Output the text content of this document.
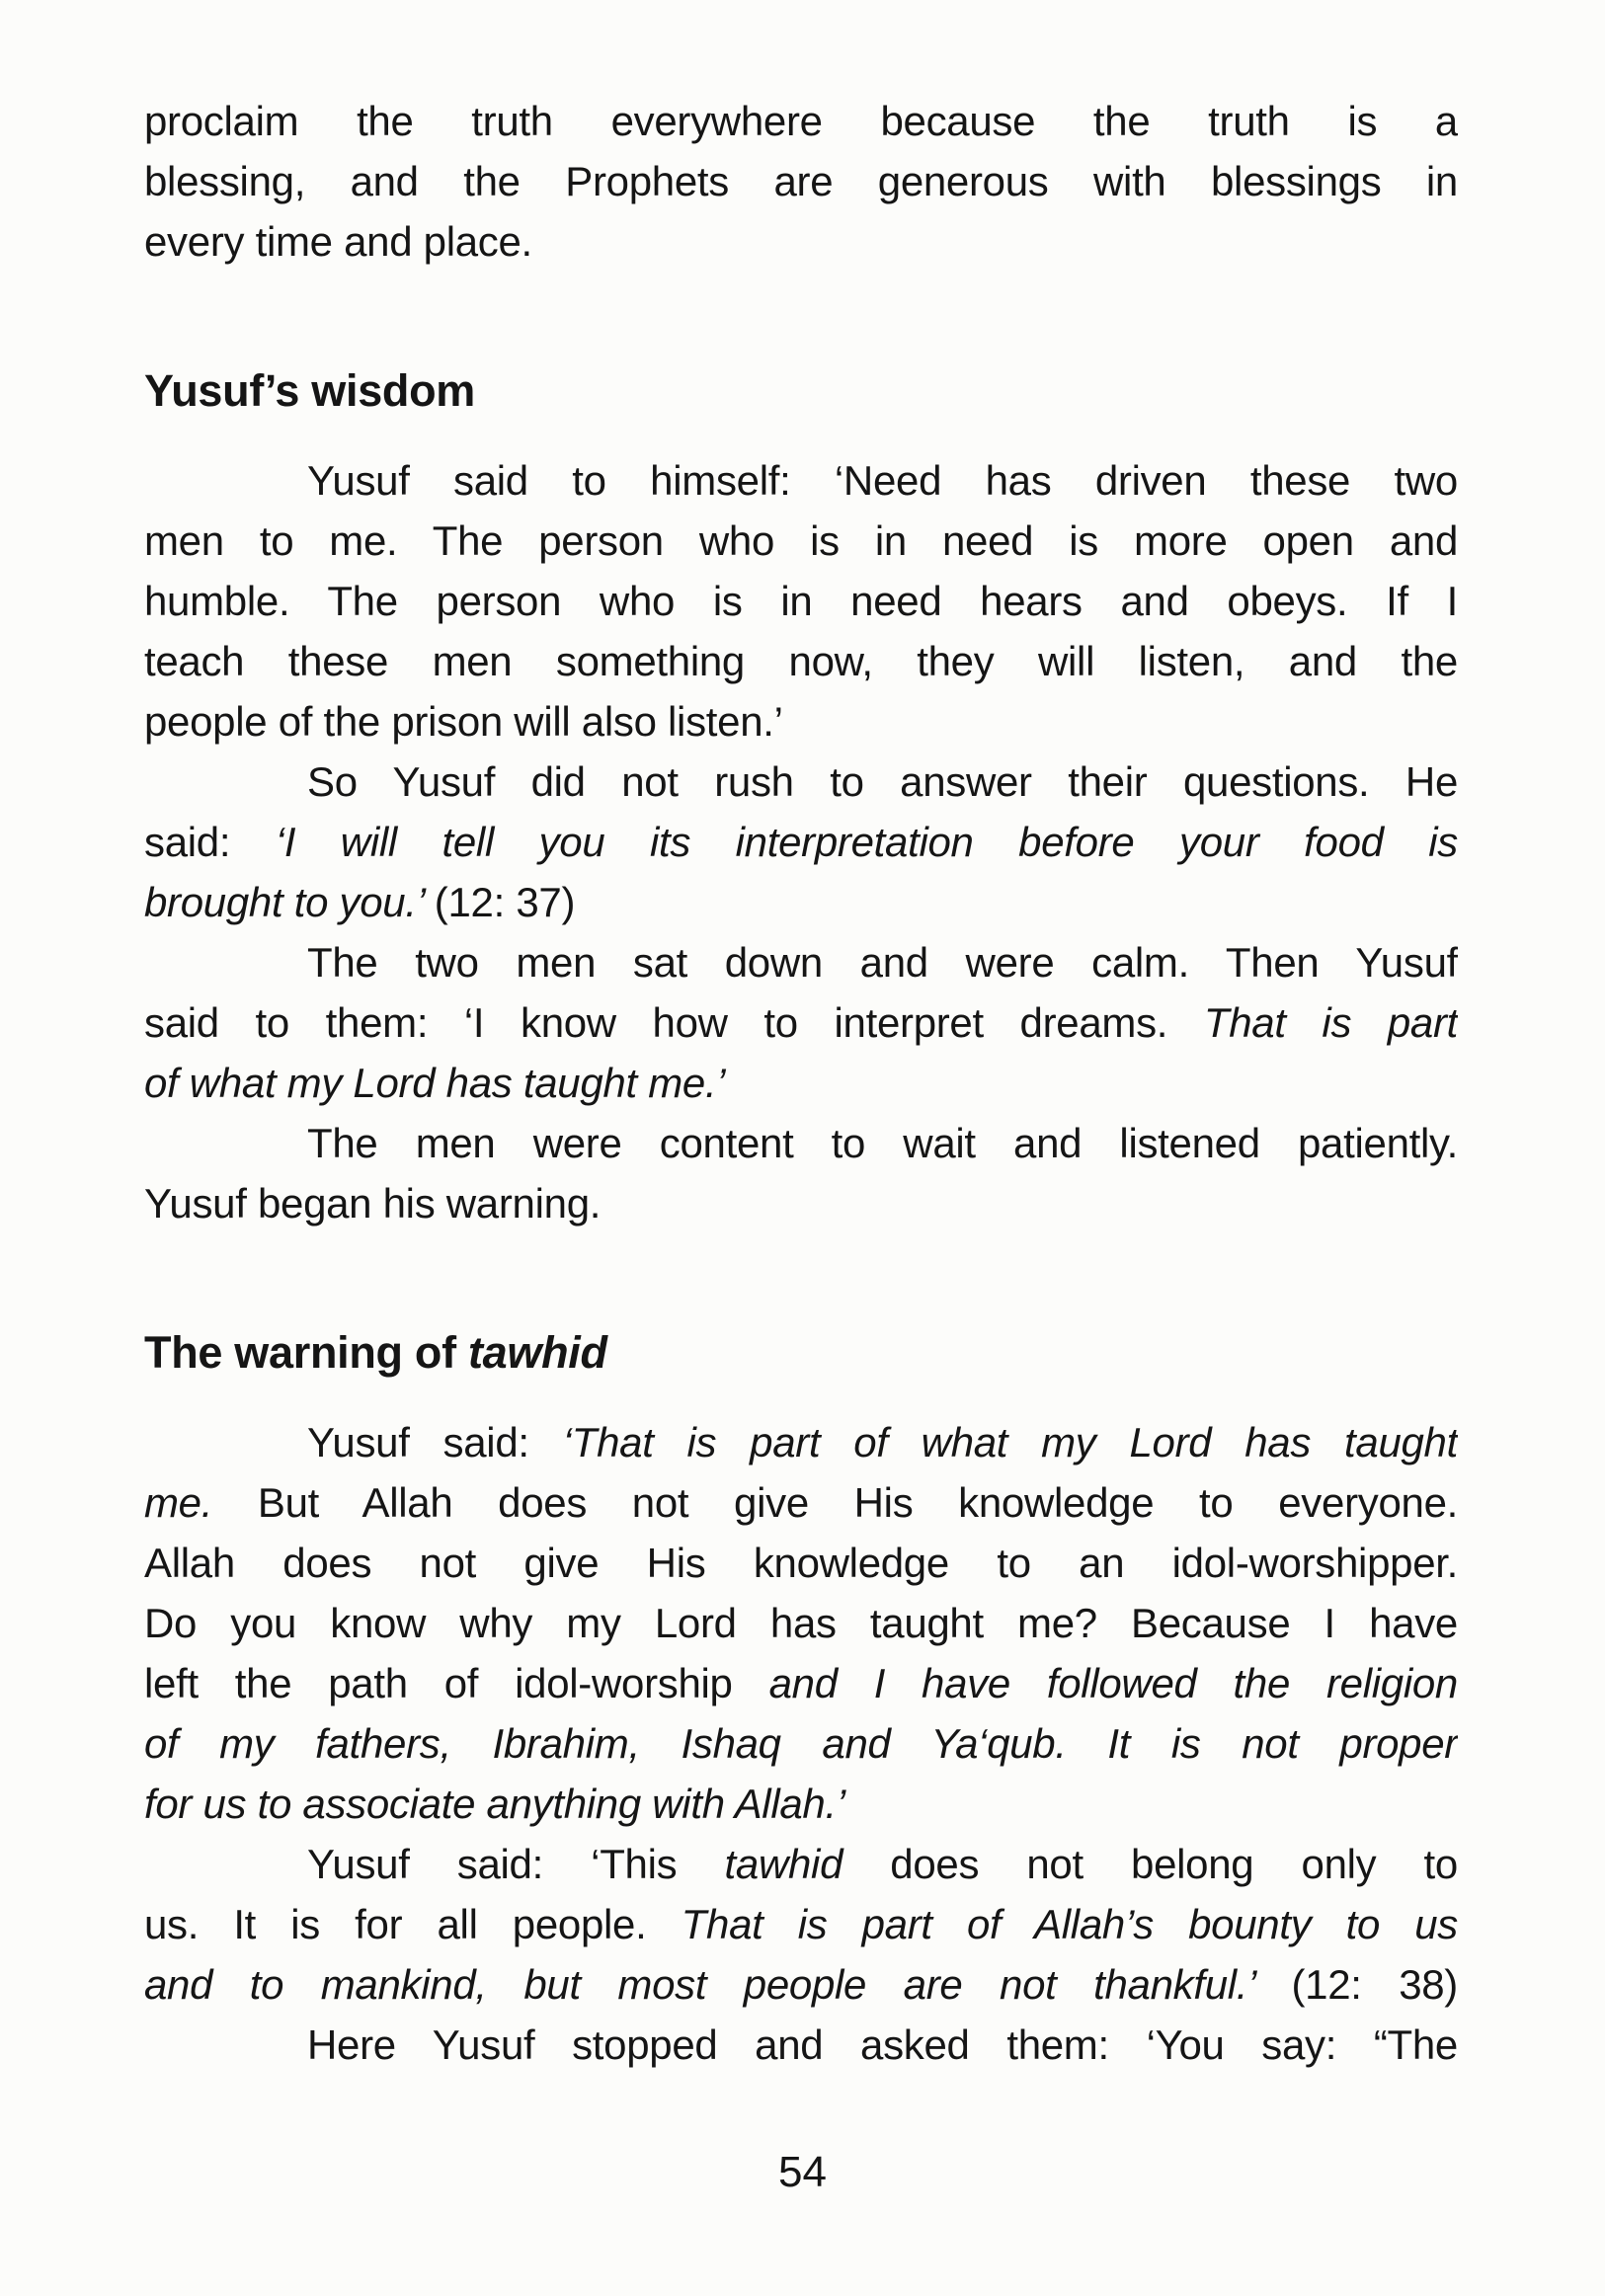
proclaim the truth everywhere because the truth is a
blessing, and the Prophets are generous with blessings in
every time and place.
Yusuf’s wisdom
Yusuf said to himself: ‘Need has driven these two
men to me. The person who is in need is more open and
humble. The person who is in need hears and obeys. If I
teach these men something now, they will listen, and the
people of the prison will also listen.’
So Yusuf did not rush to answer their questions. He
said: ‘I will tell you its interpretation before your food is
brought to you.’ (12: 37)
The two men sat down and were calm. Then Yusuf
said to them: ‘I know how to interpret dreams. That is part
of what my Lord has taught me.’
The men were content to wait and listened patiently.
Yusuf began his warning.
The warning of tawhid
Yusuf said: ‘That is part of what my Lord has taught
me. But Allah does not give His knowledge to everyone.
Allah does not give His knowledge to an idol-worshipper.
Do you know why my Lord has taught me? Because I have
left the path of idol-worship and I have followed the religion
of my fathers, Ibrahim, Ishaq and Ya‘qub. It is not proper
for us to associate anything with Allah.’
Yusuf said: ‘This tawhid does not belong only to
us. It is for all people. That is part of Allah’s bounty to us
and to mankind, but most people are not thankful.’ (12: 38)
Here Yusuf stopped and asked them: ‘You say: “The
54
